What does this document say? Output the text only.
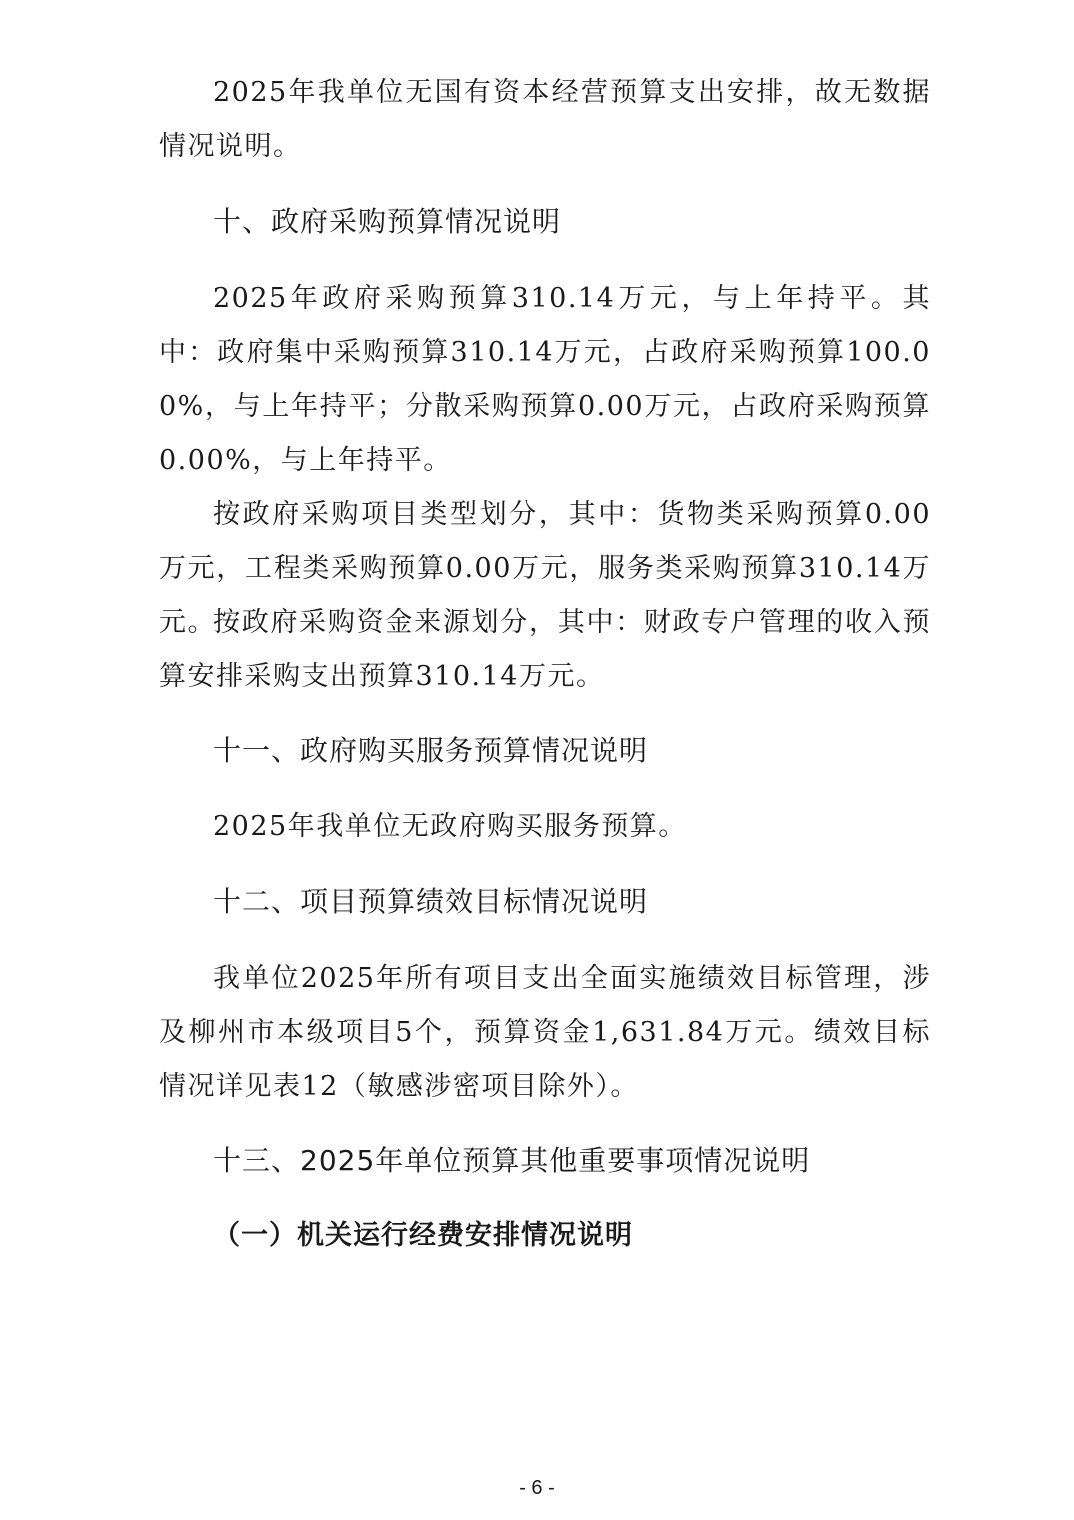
2025年我单位无国有资本经营预算支出安排，故无数据情况说明。

十、政府采购预算情况说明

2025年政府采购预算310.14万元，与上年持平。其中：政府集中采购预算310.14万元，占政府采购预算100.00%，与上年持平；分散采购预算0.00万元，占政府采购预算0.00%，与上年持平。

按政府采购项目类型划分，其中：货物类采购预算0.00万元，工程类采购预算0.00万元，服务类采购预算310.14万元。

按政府采购资金来源划分，其中：财政专户管理的收入预算安排采购支出预算310.14万元。

十一、政府购买服务预算情况说明

2025年我单位无政府购买服务预算。

十二、项目预算绩效目标情况说明

我单位2025年所有项目支出全面实施绩效目标管理，涉及柳州市本级项目5个，预算资金1,631.84万元。绩效目标情况详见表12（敏感涉密项目除外）。

十三、2025年单位预算其他重要事项情况说明
（一）机关运行经费安排情况说明
- 6 -
